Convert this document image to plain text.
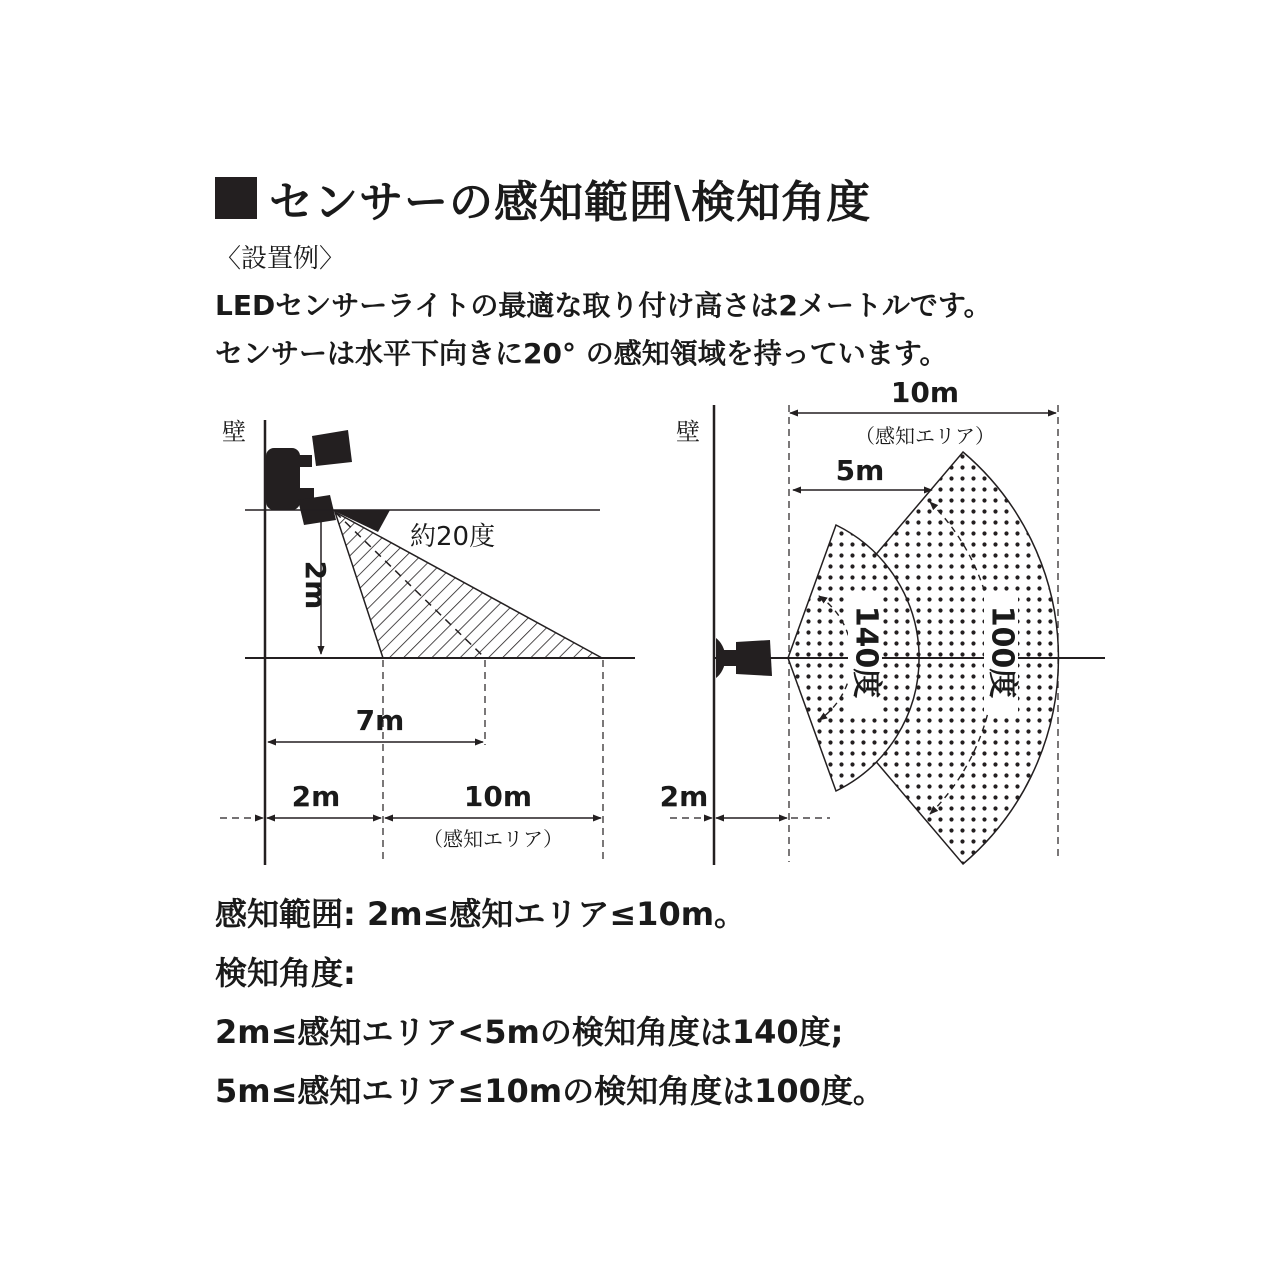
センサーの感知範囲\検知角度
〈設置例〉
LEDセンサーライトの最適な取り付け高さは2メートルです。
センサーは水平下向きに20° の感知領域を持っています。
壁
約20度
2m
7m
2m	10m
（感知エリア）
壁
10m
（感知エリア）
5m
140度	100度
2m
感知範囲: 2m≤感知エリア≤10m。
検知角度:
2m≤感知エリア<5mの検知角度は140度;
5m≤感知エリア≤10mの検知角度は100度。
